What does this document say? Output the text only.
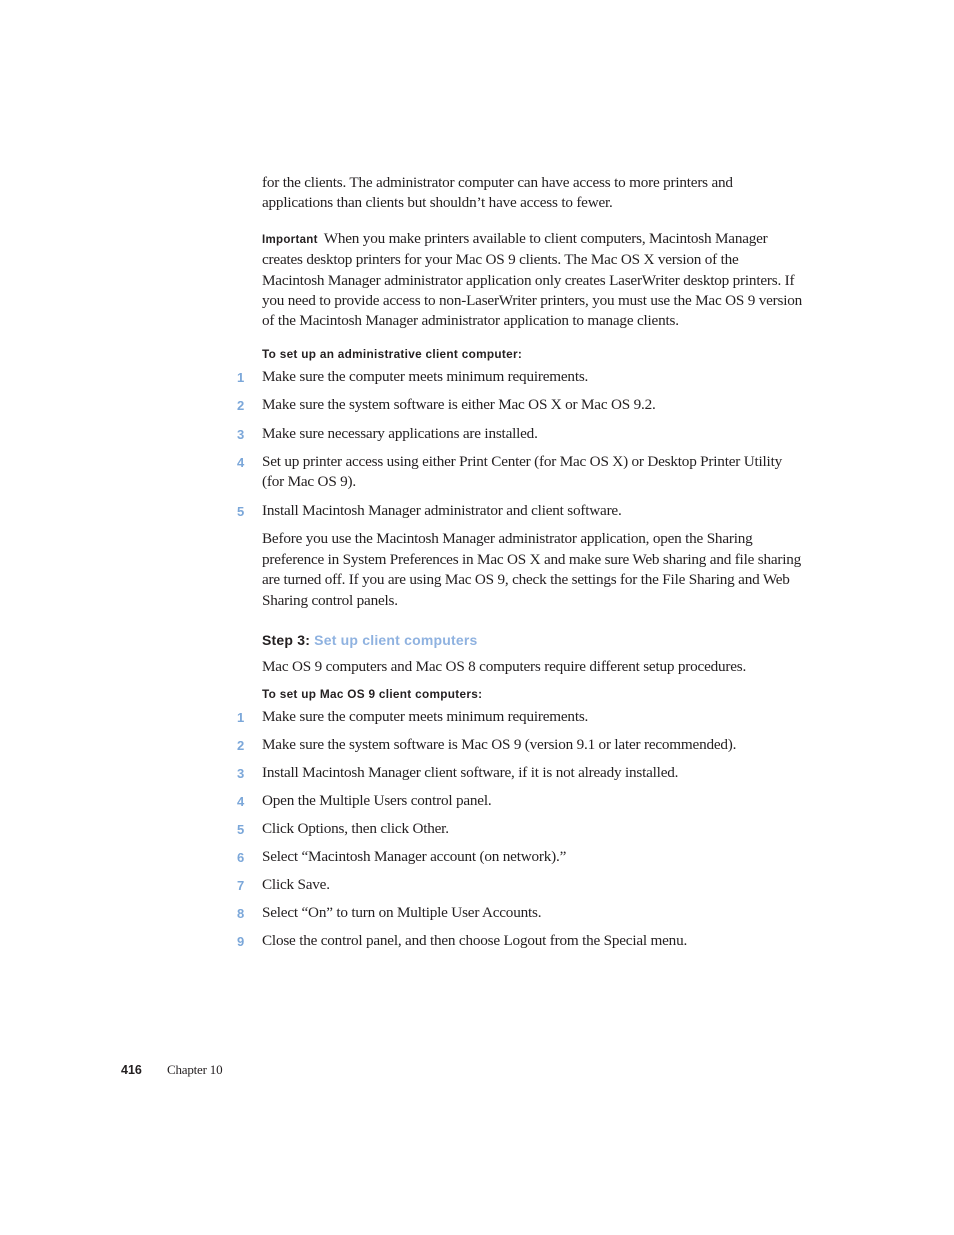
for the clients. The administrator computer can have access to more printers and applications than clients but shouldn’t have access to fewer.

Important When you make printers available to client computers, Macintosh Manager creates desktop printers for your Mac OS 9 clients. The Mac OS X version of the Macintosh Manager administrator application only creates LaserWriter desktop printers. If you need to provide access to non-LaserWriter printers, you must use the Mac OS 9 version of the Macintosh Manager administrator application to manage clients.

To set up an administrative client computer:

1 Make sure the computer meets minimum requirements.
2 Make sure the system software is either Mac OS X or Mac OS 9.2.
3 Make sure necessary applications are installed.
4 Set up printer access using either Print Center (for Mac OS X) or Desktop Printer Utility (for Mac OS 9).
5 Install Macintosh Manager administrator and client software.

Before you use the Macintosh Manager administrator application, open the Sharing preference in System Preferences in Mac OS X and make sure Web sharing and file sharing are turned off. If you are using Mac OS 9, check the settings for the File Sharing and Web Sharing control panels.

Step 3: Set up client computers

Mac OS 9 computers and Mac OS 8 computers require different setup procedures.

To set up Mac OS 9 client computers:

1 Make sure the computer meets minimum requirements.
2 Make sure the system software is Mac OS 9 (version 9.1 or later recommended).
3 Install Macintosh Manager client software, if it is not already installed.
4 Open the Multiple Users control panel.
5 Click Options, then click Other.
6 Select “Macintosh Manager account (on network).”
7 Click Save.
8 Select “On” to turn on Multiple User Accounts.
9 Close the control panel, and then choose Logout from the Special menu.
416 Chapter 10
